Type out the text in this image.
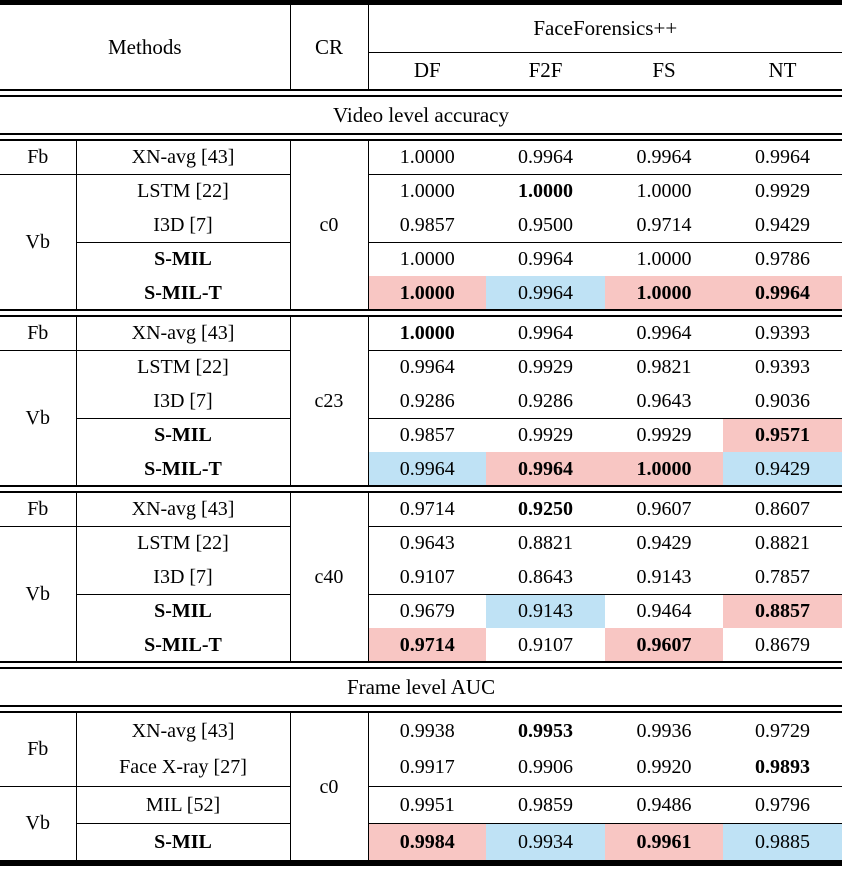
Methods		CR	FaceForensics++			
			DF	F2F	FS	NT

Video level accuracy						

Fb	XN-avg [43]	c0	1.0000	0.9964	0.9964	0.9964
Vb	LSTM [22]		1.0000	1.0000	1.0000	0.9929
	I3D [7]		0.9857	0.9500	0.9714	0.9429
	S-MIL		1.0000	0.9964	1.0000	0.9786
	S-MIL-T		1.0000	0.9964	1.0000	0.9964

Fb	XN-avg [43]	c23	1.0000	0.9964	0.9964	0.9393
Vb	LSTM [22]		0.9964	0.9929	0.9821	0.9393
	I3D [7]		0.9286	0.9286	0.9643	0.9036
	S-MIL		0.9857	0.9929	0.9929	0.9571
	S-MIL-T		0.9964	0.9964	1.0000	0.9429

Fb	XN-avg [43]	c40	0.9714	0.9250	0.9607	0.8607
Vb	LSTM [22]		0.9643	0.8821	0.9429	0.8821
	I3D [7]		0.9107	0.8643	0.9143	0.7857
	S-MIL		0.9679	0.9143	0.9464	0.8857
	S-MIL-T		0.9714	0.9107	0.9607	0.8679

Frame level AUC						

Fb	XN-avg [43]	c0	0.9938	0.9953	0.9936	0.9729
	Face X-ray [27]		0.9917	0.9906	0.9920	0.9893
Vb	MIL [52]		0.9951	0.9859	0.9486	0.9796
	S-MIL		0.9984	0.9934	0.9961	0.9885
